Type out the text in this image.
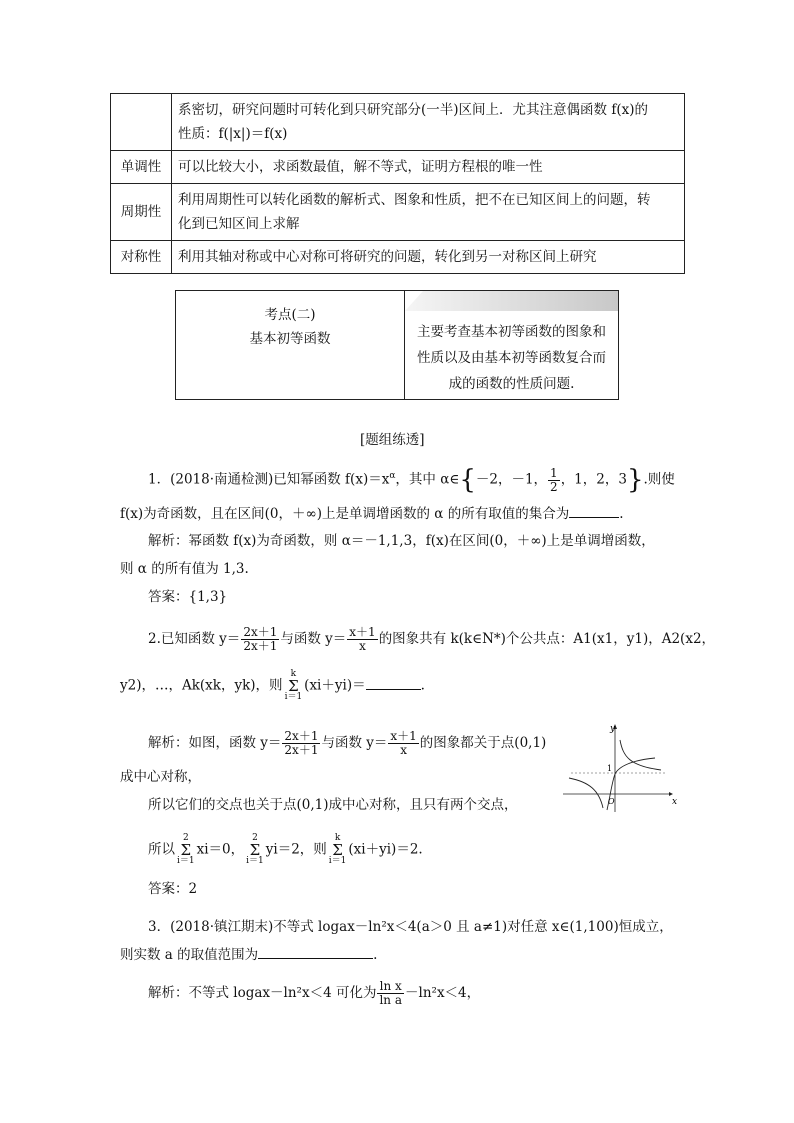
	系密切，研究问题时可转化到只研究部分(一半)区间上．尤其注意偶函数 f(x)的
性质：f(|x|)＝f(x)

单调性	可以比较大小，求函数最值，解不等式，证明方程根的唯一性

周期性	利用周期性可以转化函数的解析式、图象和性质，把不在已知区间上的问题，转
化到已知区间上求解

对称性	利用其轴对称或中心对称可将研究的问题，转化到另一对称区间上研究
考点(二)
基本初等函数	主要考查基本初等函数的图象和
性质以及由基本初等函数复合而
成的函数的性质问题.
[题组练透]
1．(2018·南通检测)已知幂函数 $f(x)=x^\alpha$，其中 α∈{－2，－1， $\frac{1}{2}$ ，1，2，3}.则使
f(x)为奇函数，且在区间(0，＋∞)上是单调增函数的 α 的所有取值的集合为	.
解析：幂函数 f(x)为奇函数，则 α＝－1,1,3，f(x)在区间(0，＋∞)上是单调增函数，
则 α 的所有值为 1,3.
答案：{1,3}
2.已知函数 $y= \frac{2x+1}{2x+1}$ 与函数 $y= \frac{x+1}{x}$ 的图象共有 k(k∈N*)个公共点：A1(x1，y1)，A2(x2，
y2)，…，Ak(xk，yk)，则k
Σ
i＝1(xi＋yi)＝	.
解析：如图，函数 $y= \frac{2x+1}{2x+1}$ 与函数 $y= \frac{x+1}{x}$ 的图象都关于点(0,1)
成中心对称，
所以它们的交点也关于点(0,1)成中心对称，且只有两个交点，
所以2
Σ
i＝1xi＝0，2
Σ
i＝1yi＝2，则k
Σ
i＝1(xi＋yi)＝2.
答案：2
y
x
O
1
3．(2018·镇江期末)不等式 logax－ln²x＜4(a＞0 且 a≠1)对任意 x∈(1,100)恒成立，
则实数 a 的取值范围为	.
解析：不等式 logax－ln²x＜4 可化为 $\frac{\text{ln x}}{\text{ln a}} -\ln^2x<4$，
